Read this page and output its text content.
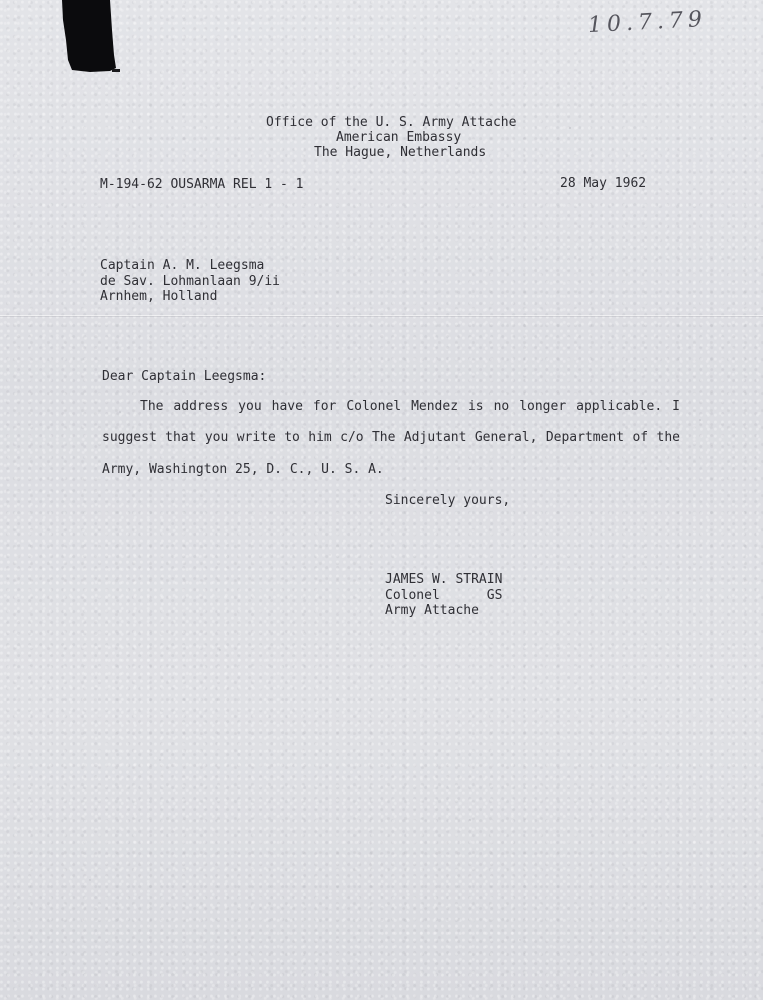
10.7.79
Office of the U. S. Army Attache
American Embassy
The Hague, Netherlands
M-194-62 OUSARMA REL 1 - 1	28 May 1962
Captain A. M. Leegsma
de Sav. Lohmanlaan 9/ii
Arnhem, Holland
Dear Captain Leegsma:
The address you have for Colonel Mendez is no longer applicable. I
suggest that you write to him c/o The Adjutant General, Department of the
Army, Washington 25, D. C., U. S. A.
Sincerely yours,
JAMES W. STRAIN
Colonel      GS
Army Attache
